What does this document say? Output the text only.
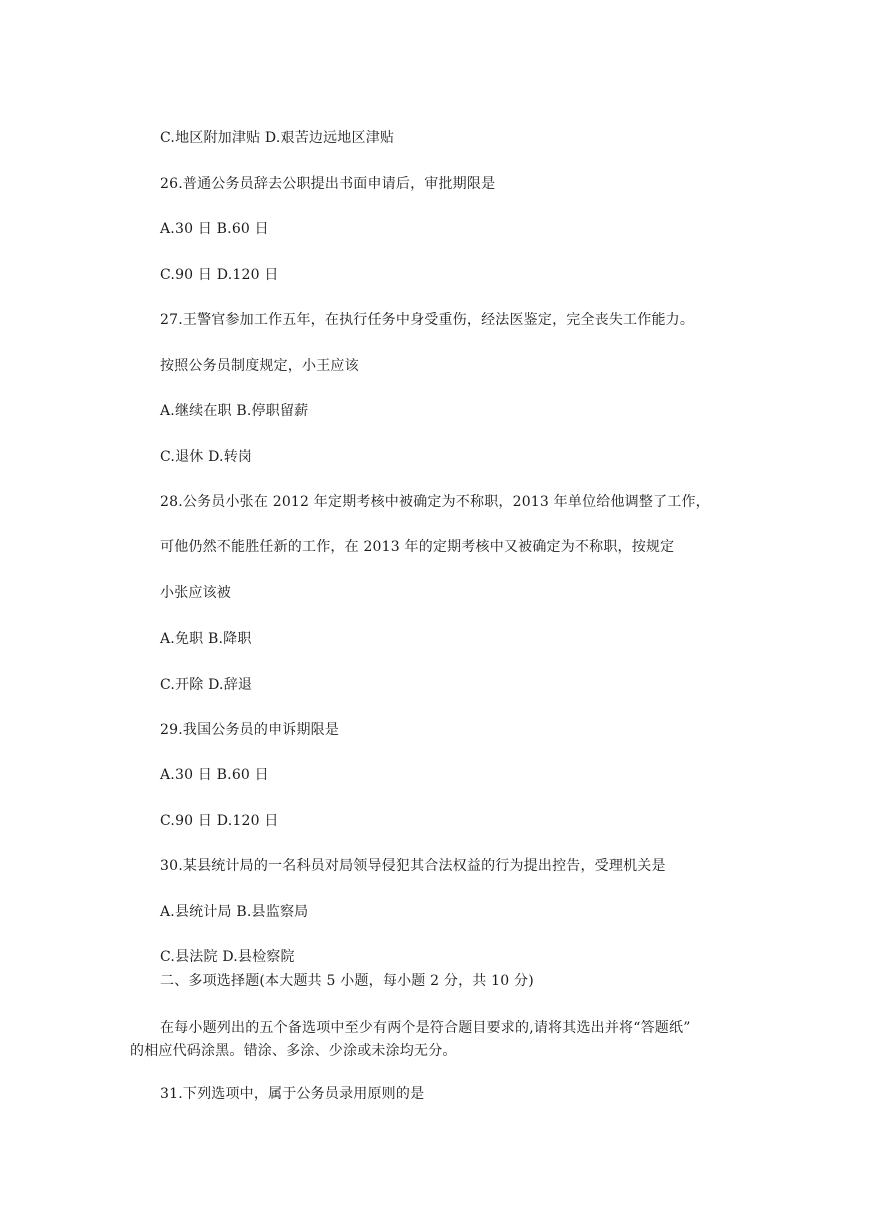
C.地区附加津贴 D.艰苦边远地区津贴
26.普通公务员辞去公职提出书面申请后，审批期限是
A.30 日 B.60 日
C.90 日 D.120 日
27.王警官参加工作五年，在执行任务中身受重伤，经法医鉴定，完全丧失工作能力。
按照公务员制度规定，小王应该
A.继续在职 B.停职留薪
C.退休 D.转岗
28.公务员小张在 2012 年定期考核中被确定为不称职，2013 年单位给他调整了工作，
可他仍然不能胜任新的工作，在 2013 年的定期考核中又被确定为不称职，按规定
小张应该被
A.免职 B.降职
C.开除 D.辞退
29.我国公务员的申诉期限是
A.30 日 B.60 日
C.90 日 D.120 日
30.某县统计局的一名科员对局领导侵犯其合法权益的行为提出控告，受理机关是
A.县统计局 B.县监察局
C.县法院 D.县检察院
二、多项选择题(本大题共 5 小题，每小题 2 分，共 10 分)
在每小题列出的五个备选项中至少有两个是符合题目要求的,请将其选出并将“答题纸”
的相应代码涂黑。错涂、多涂、少涂或未涂均无分。
31.下列选项中，属于公务员录用原则的是
